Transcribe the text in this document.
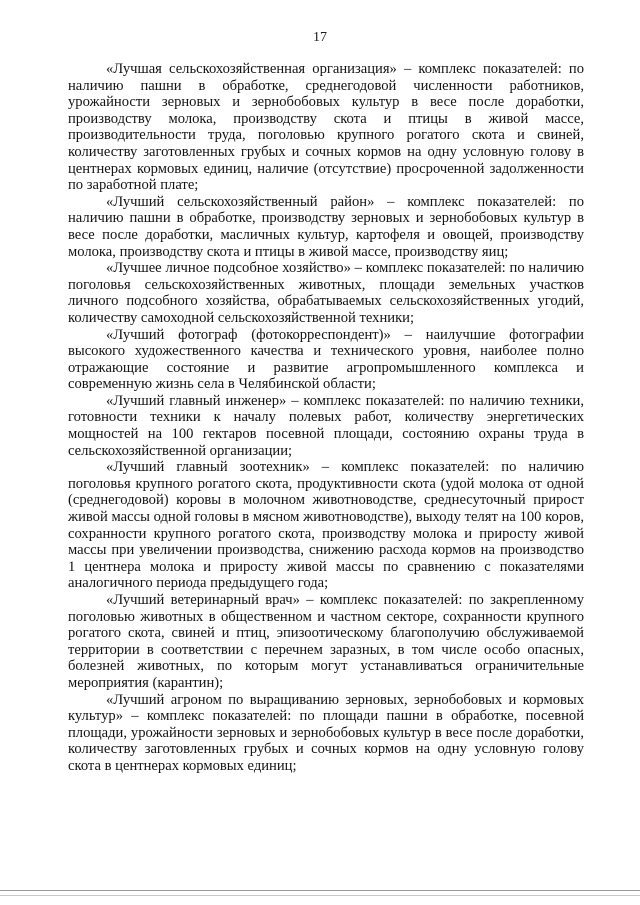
17

«Лучшая сельскохозяйственная организация» – комплекс показателей: по наличию пашни в обработке, среднегодовой численности работников, урожайности зерновых и зернобобовых культур в весе после доработки, производству молока, производству скота и птицы в живой массе, производительности труда, поголовью крупного рогатого скота и свиней, количеству заготовленных грубых и сочных кормов на одну условную голову в центнерах кормовых единиц, наличие (отсутствие) просроченной задолженности по заработной плате;

«Лучший сельскохозяйственный район» – комплекс показателей: по наличию пашни в обработке, производству зерновых и зернобобовых культур в весе после доработки, масличных культур, картофеля и овощей, производству молока, производству скота и птицы в живой массе, производству яиц;

«Лучшее личное подсобное хозяйство» – комплекс показателей: по наличию поголовья сельскохозяйственных животных, площади земельных участков личного подсобного хозяйства, обрабатываемых сельскохозяйственных угодий, количеству самоходной сельскохозяйственной техники;

«Лучший фотограф (фотокорреспондент)» – наилучшие фотографии высокого художественного качества и технического уровня, наиболее полно отражающие состояние и развитие агропромышленного комплекса и современную жизнь села в Челябинской области;

«Лучший главный инженер» – комплекс показателей: по наличию техники, готовности техники к началу полевых работ, количеству энергетических мощностей на 100 гектаров посевной площади, состоянию охраны труда в сельскохозяйственной организации;

«Лучший главный зоотехник» – комплекс показателей: по наличию поголовья крупного рогатого скота, продуктивности скота (удой молока от одной (среднегодовой) коровы в молочном животноводстве, среднесуточный прирост живой массы одной головы в мясном животноводстве), выходу телят на 100 коров, сохранности крупного рогатого скота, производству молока и приросту живой массы при увеличении производства, снижению расхода кормов на производство 1 центнера молока и приросту живой массы по сравнению с показателями аналогичного периода предыдущего года;

«Лучший ветеринарный врач» – комплекс показателей: по закрепленному поголовью животных в общественном и частном секторе, сохранности крупного рогатого скота, свиней и птиц, эпизоотическому благополучию обслуживаемой территории в соответствии с перечнем заразных, в том числе особо опасных, болезней животных, по которым могут устанавливаться ограничительные мероприятия (карантин);

«Лучший агроном по выращиванию зерновых, зернобобовых и кормовых культур» – комплекс показателей: по площади пашни в обработке, посевной площади, урожайности зерновых и зернобобовых культур в весе после доработки, количеству заготовленных грубых и сочных кормов на одну условную голову скота в центнерах кормовых единиц;
